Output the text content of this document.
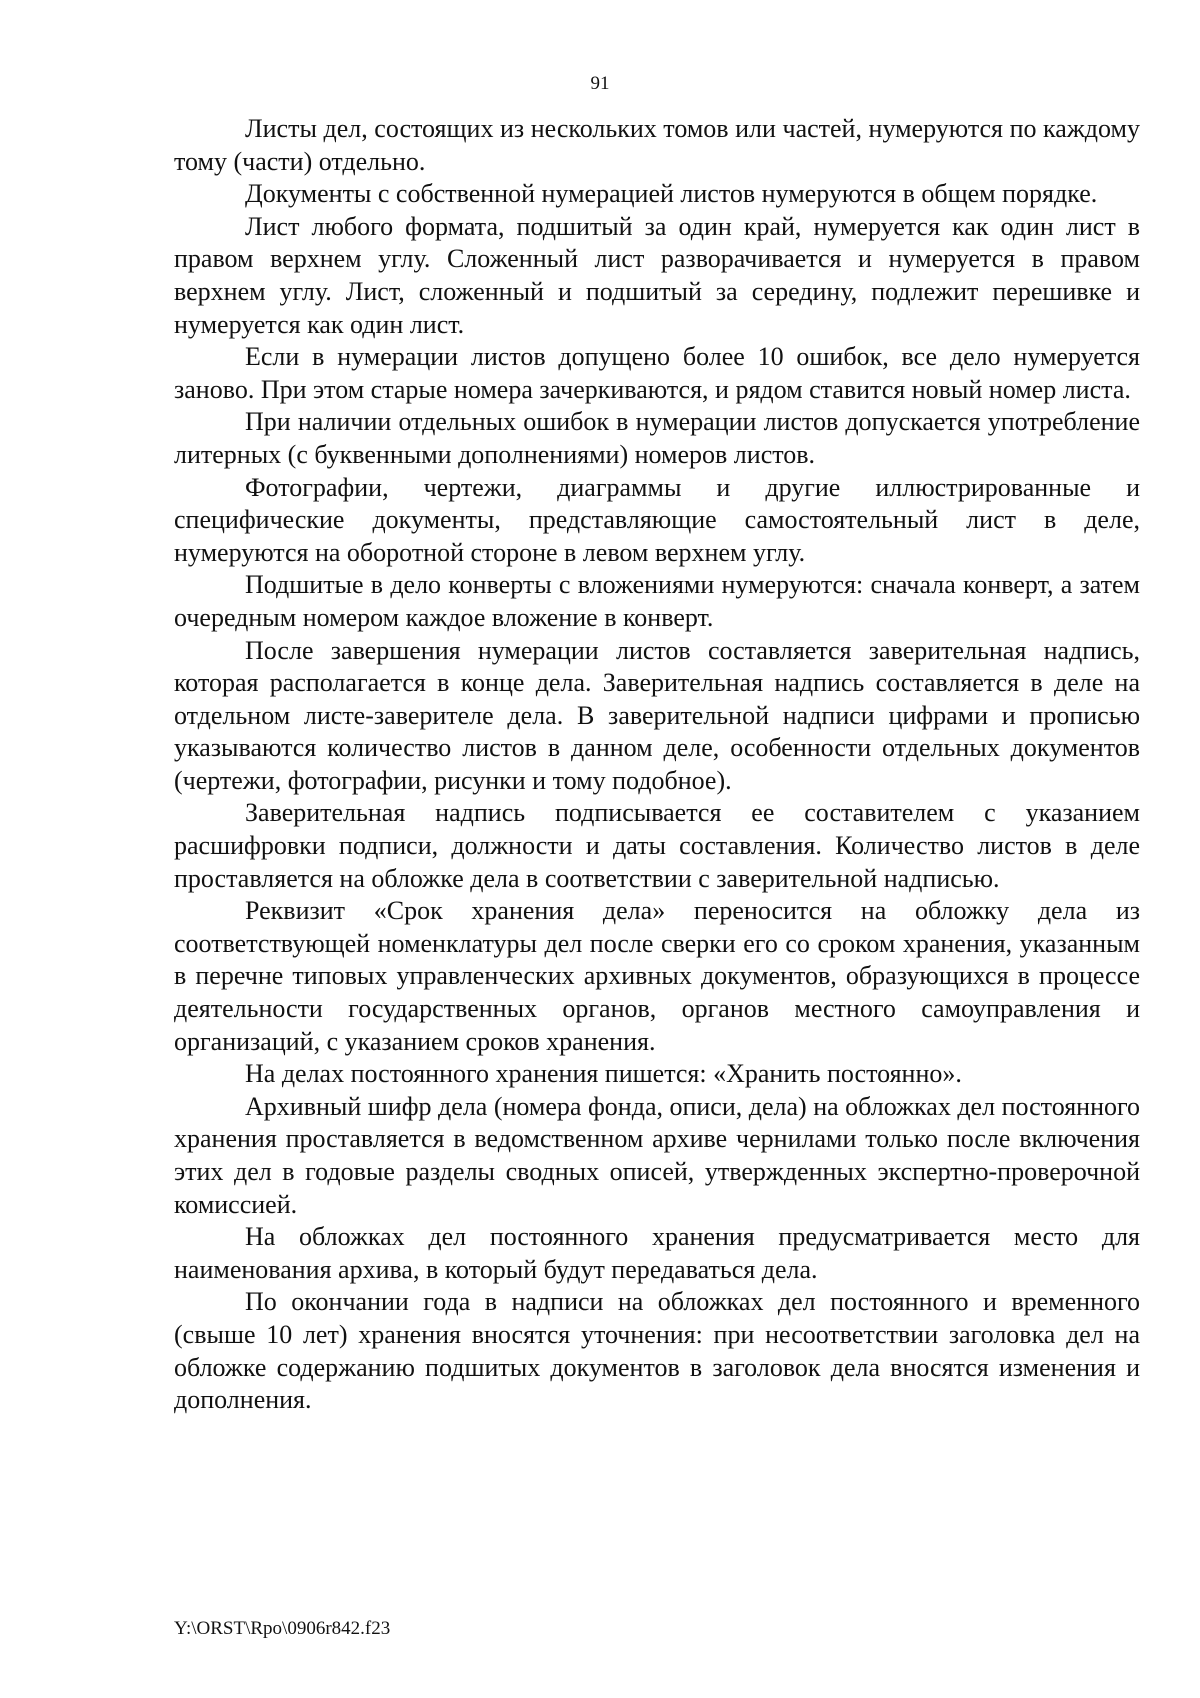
91

Листы дел, состоящих из нескольких томов или частей, нумеруются по каждому тому (части) отдельно.

Документы с собственной нумерацией листов нумеруются в общем порядке.

Лист любого формата, подшитый за один край, нумеруется как один лист в правом верхнем углу. Сложенный лист разворачивается и нумеруется в правом верхнем углу. Лист, сложенный и подшитый за середину, подлежит перешивке и нумеруется как один лист.

Если в нумерации листов допущено более 10 ошибок, все дело нумеруется заново. При этом старые номера зачеркиваются, и рядом ставится новый номер листа.

При наличии отдельных ошибок в нумерации листов допускается употребление литерных (с буквенными дополнениями) номеров листов.

Фотографии, чертежи, диаграммы и другие иллюстрированные и специфические документы, представляющие самостоятельный лист в деле, нумеруются на оборотной стороне в левом верхнем углу.

Подшитые в дело конверты с вложениями нумеруются: сначала конверт, а затем очередным номером каждое вложение в конверт.

После завершения нумерации листов составляется заверительная надпись, которая располагается в конце дела. Заверительная надпись составляется в деле на отдельном листе-заверителе дела. В заверительной надписи цифрами и прописью указываются количество листов в данном деле, особенности отдельных документов (чертежи, фотографии, рисунки и тому подобное).

Заверительная надпись подписывается ее составителем с указанием расшифровки подписи, должности и даты составления. Количество листов в деле проставляется на обложке дела в соответствии с заверительной надписью.

Реквизит «Срок хранения дела» переносится на обложку дела из соответствующей номенклатуры дел после сверки его со сроком хранения, указанным в перечне типовых управленческих архивных документов, образующихся в процессе деятельности государственных органов, органов местного самоуправления и организаций, с указанием сроков хранения.

На делах постоянного хранения пишется: «Хранить постоянно».

Архивный шифр дела (номера фонда, описи, дела) на обложках дел постоянного хранения проставляется в ведомственном архиве чернилами только после включения этих дел в годовые разделы сводных описей, утвержденных экспертно-проверочной комиссией.

На обложках дел постоянного хранения предусматривается место для наименования архива, в который будут передаваться дела.

По окончании года в надписи на обложках дел постоянного и временного (свыше 10 лет) хранения вносятся уточнения: при несоответствии заголовка дел на обложке содержанию подшитых документов в заголовок дела вносятся изменения и дополнения.

Y:\ORST\Rpo\0906r842.f23
